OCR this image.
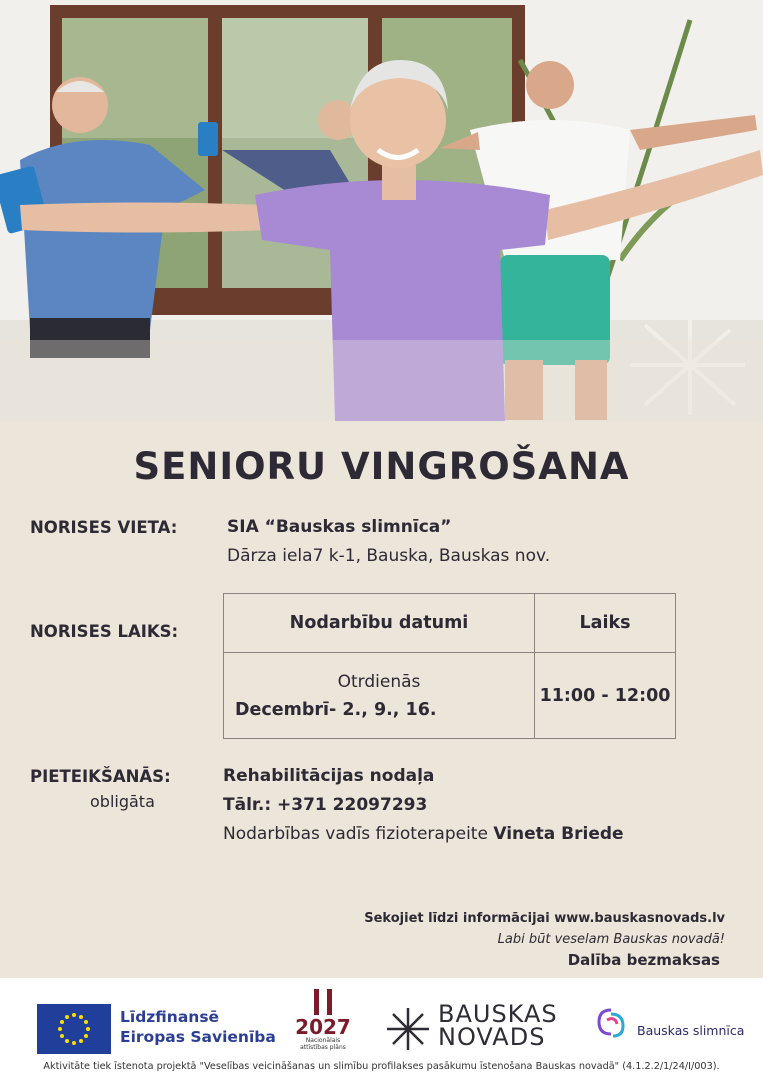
SENIORU VINGROŠANA
NORISES VIETA:	SIA “Bauskas slimnīca”
Dārza iela7 k-1, Bauska, Bauskas nov.
NORISES LAIKS:	Nodarbību datumi	Laiks

Otrdienās
Decembrī- 2., 9., 16.	11:00 - 12:00
PIETEIKŠANĀS:
obligāta
Rehabilitācijas nodaļa
Tālr.: +371 22097293
Nodarbības vadīs fizioterapeite Vineta Briede
Sekojiet līdzi informācijai www.bauskasnovads.lv
Labi būt veselam Bauskas novadā!
Dalība bezmaksas
Līdzfinansē
Eiropas Savienība 2027
Nacionālais
attīstības plāns
BAUSKAS
NOVADS	Bauskas slimnīca
Aktivitāte tiek īstenota projektā "Veselības veicināšanas un slimību profilakses pasākumu īstenošana Bauskas novadā" (4.1.2.2/1/24/I/003).
